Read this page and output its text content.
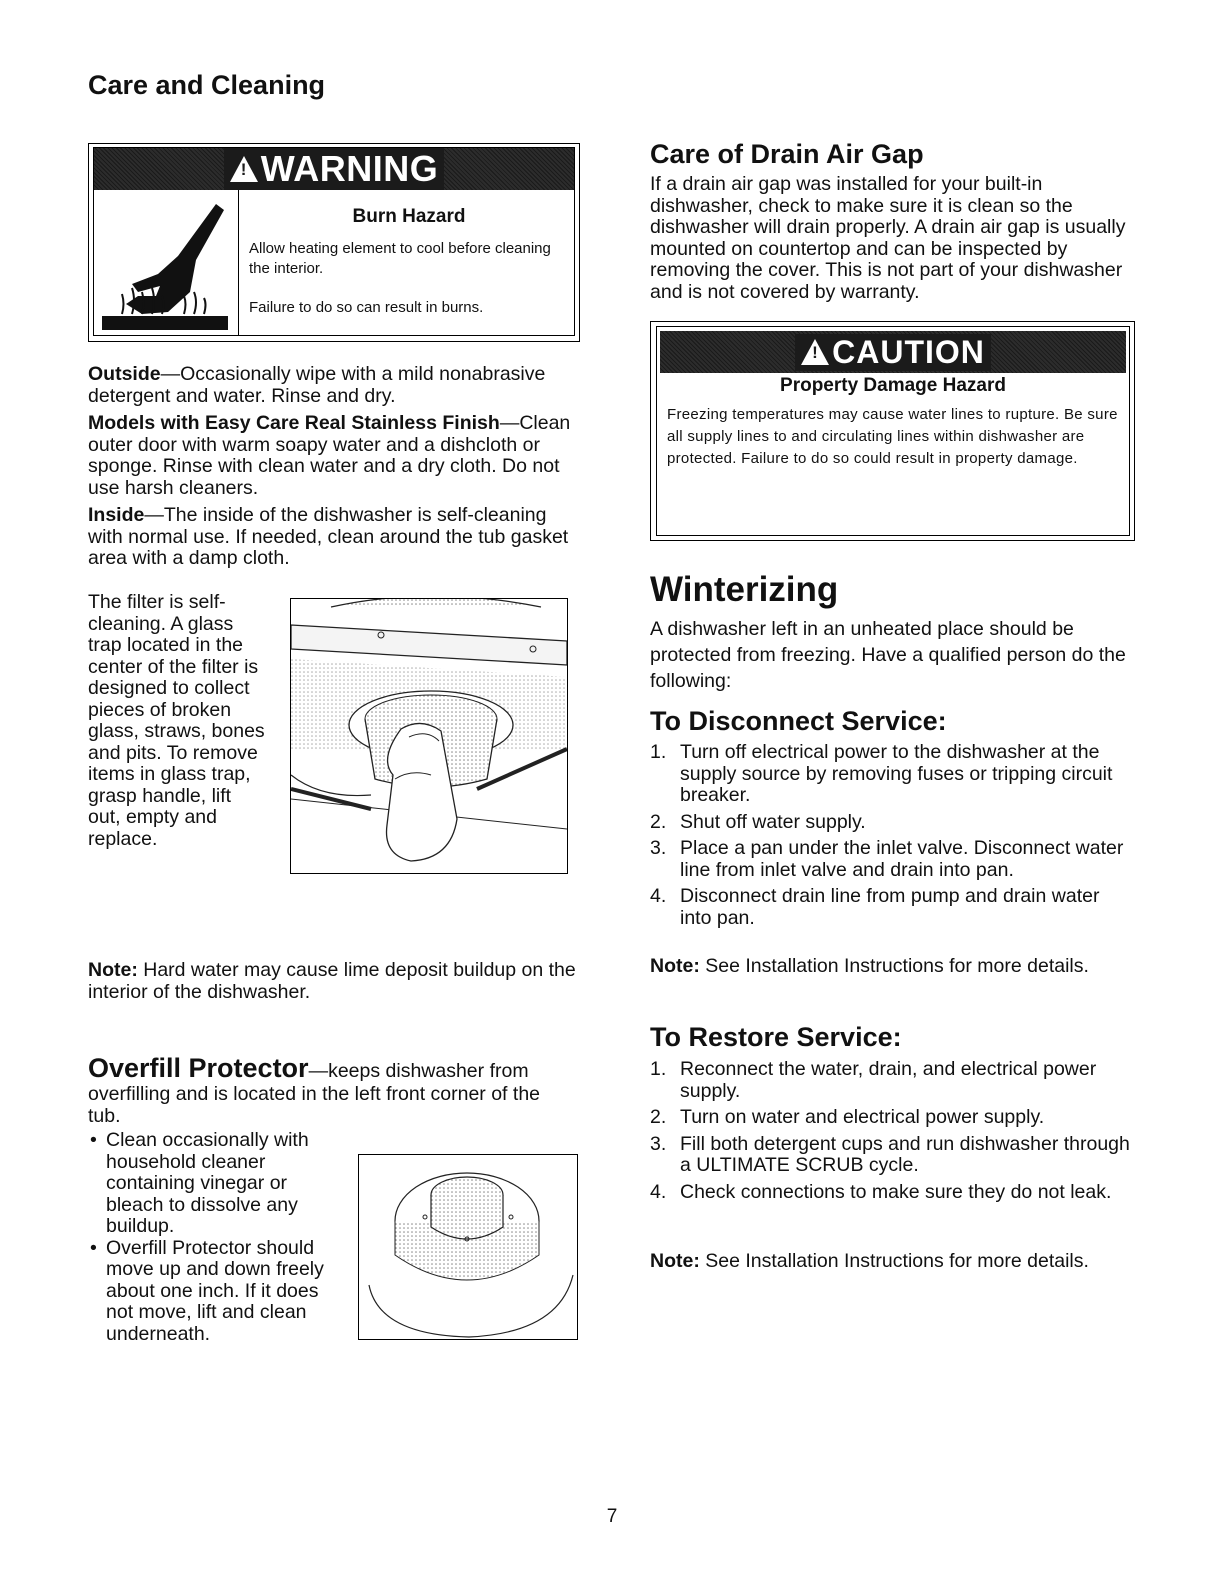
Care and Cleaning
!
WARNING
Burn Hazard
Allow heating element to cool before cleaning the interior.
Failure to do so can result in burns.

Outside—Occasionally wipe with a mild nonabrasive detergent and water. Rinse and dry.

Models with Easy Care Real Stainless Finish—Clean outer door with warm soapy water and a dishcloth or sponge. Rinse with clean water and a dry cloth. Do not use harsh cleaners.

Inside—The inside of the dishwasher is self-cleaning with normal use. If needed, clean around the tub gasket area with a damp cloth.

The filter is self-cleaning. A glass trap located in the center of the filter is designed to collect pieces of broken glass, straws, bones and pits. To remove items in glass trap, grasp handle, lift out, empty and replace.
Note: Hard water may cause lime deposit buildup on the interior of the dishwasher.
Overfill Protector—keeps dishwasher from
overfilling and is located in the left front corner of the tub.
• Clean occasionally with household cleaner containing vinegar or bleach to dissolve any buildup.
• Overfill Protector should move up and down freely about one inch. If it does not move, lift and clean underneath.
Care of Drain Air Gap
If a drain air gap was installed for your built-in dishwasher, check to make sure it is clean so the dishwasher will drain properly. A drain air gap is usually mounted on countertop and can be inspected by removing the cover. This is not part of your dishwasher and is not covered by warranty.
!
CAUTION
Property Damage Hazard
Freezing temperatures may cause water lines to rupture. Be sure all supply lines to and circulating lines within dishwasher are protected. Failure to do so could result in property damage.
Winterizing
A dishwasher left in an unheated place should be protected from freezing. Have a qualified person do the following:
To Disconnect Service:
1. Turn off electrical power to the dishwasher at the supply source by removing fuses or tripping circuit breaker.
2. Shut off water supply.
3. Place a pan under the inlet valve. Disconnect water line from inlet valve and drain into pan.
4. Disconnect drain line from pump and drain water into pan.
Note: See Installation Instructions for more details.
To Restore Service:
1. Reconnect the water, drain, and electrical power supply.
2. Turn on water and electrical power supply.
3. Fill both detergent cups and run dishwasher through a ULTIMATE SCRUB cycle.
4. Check connections to make sure they do not leak.
Note: See Installation Instructions for more details.
7
